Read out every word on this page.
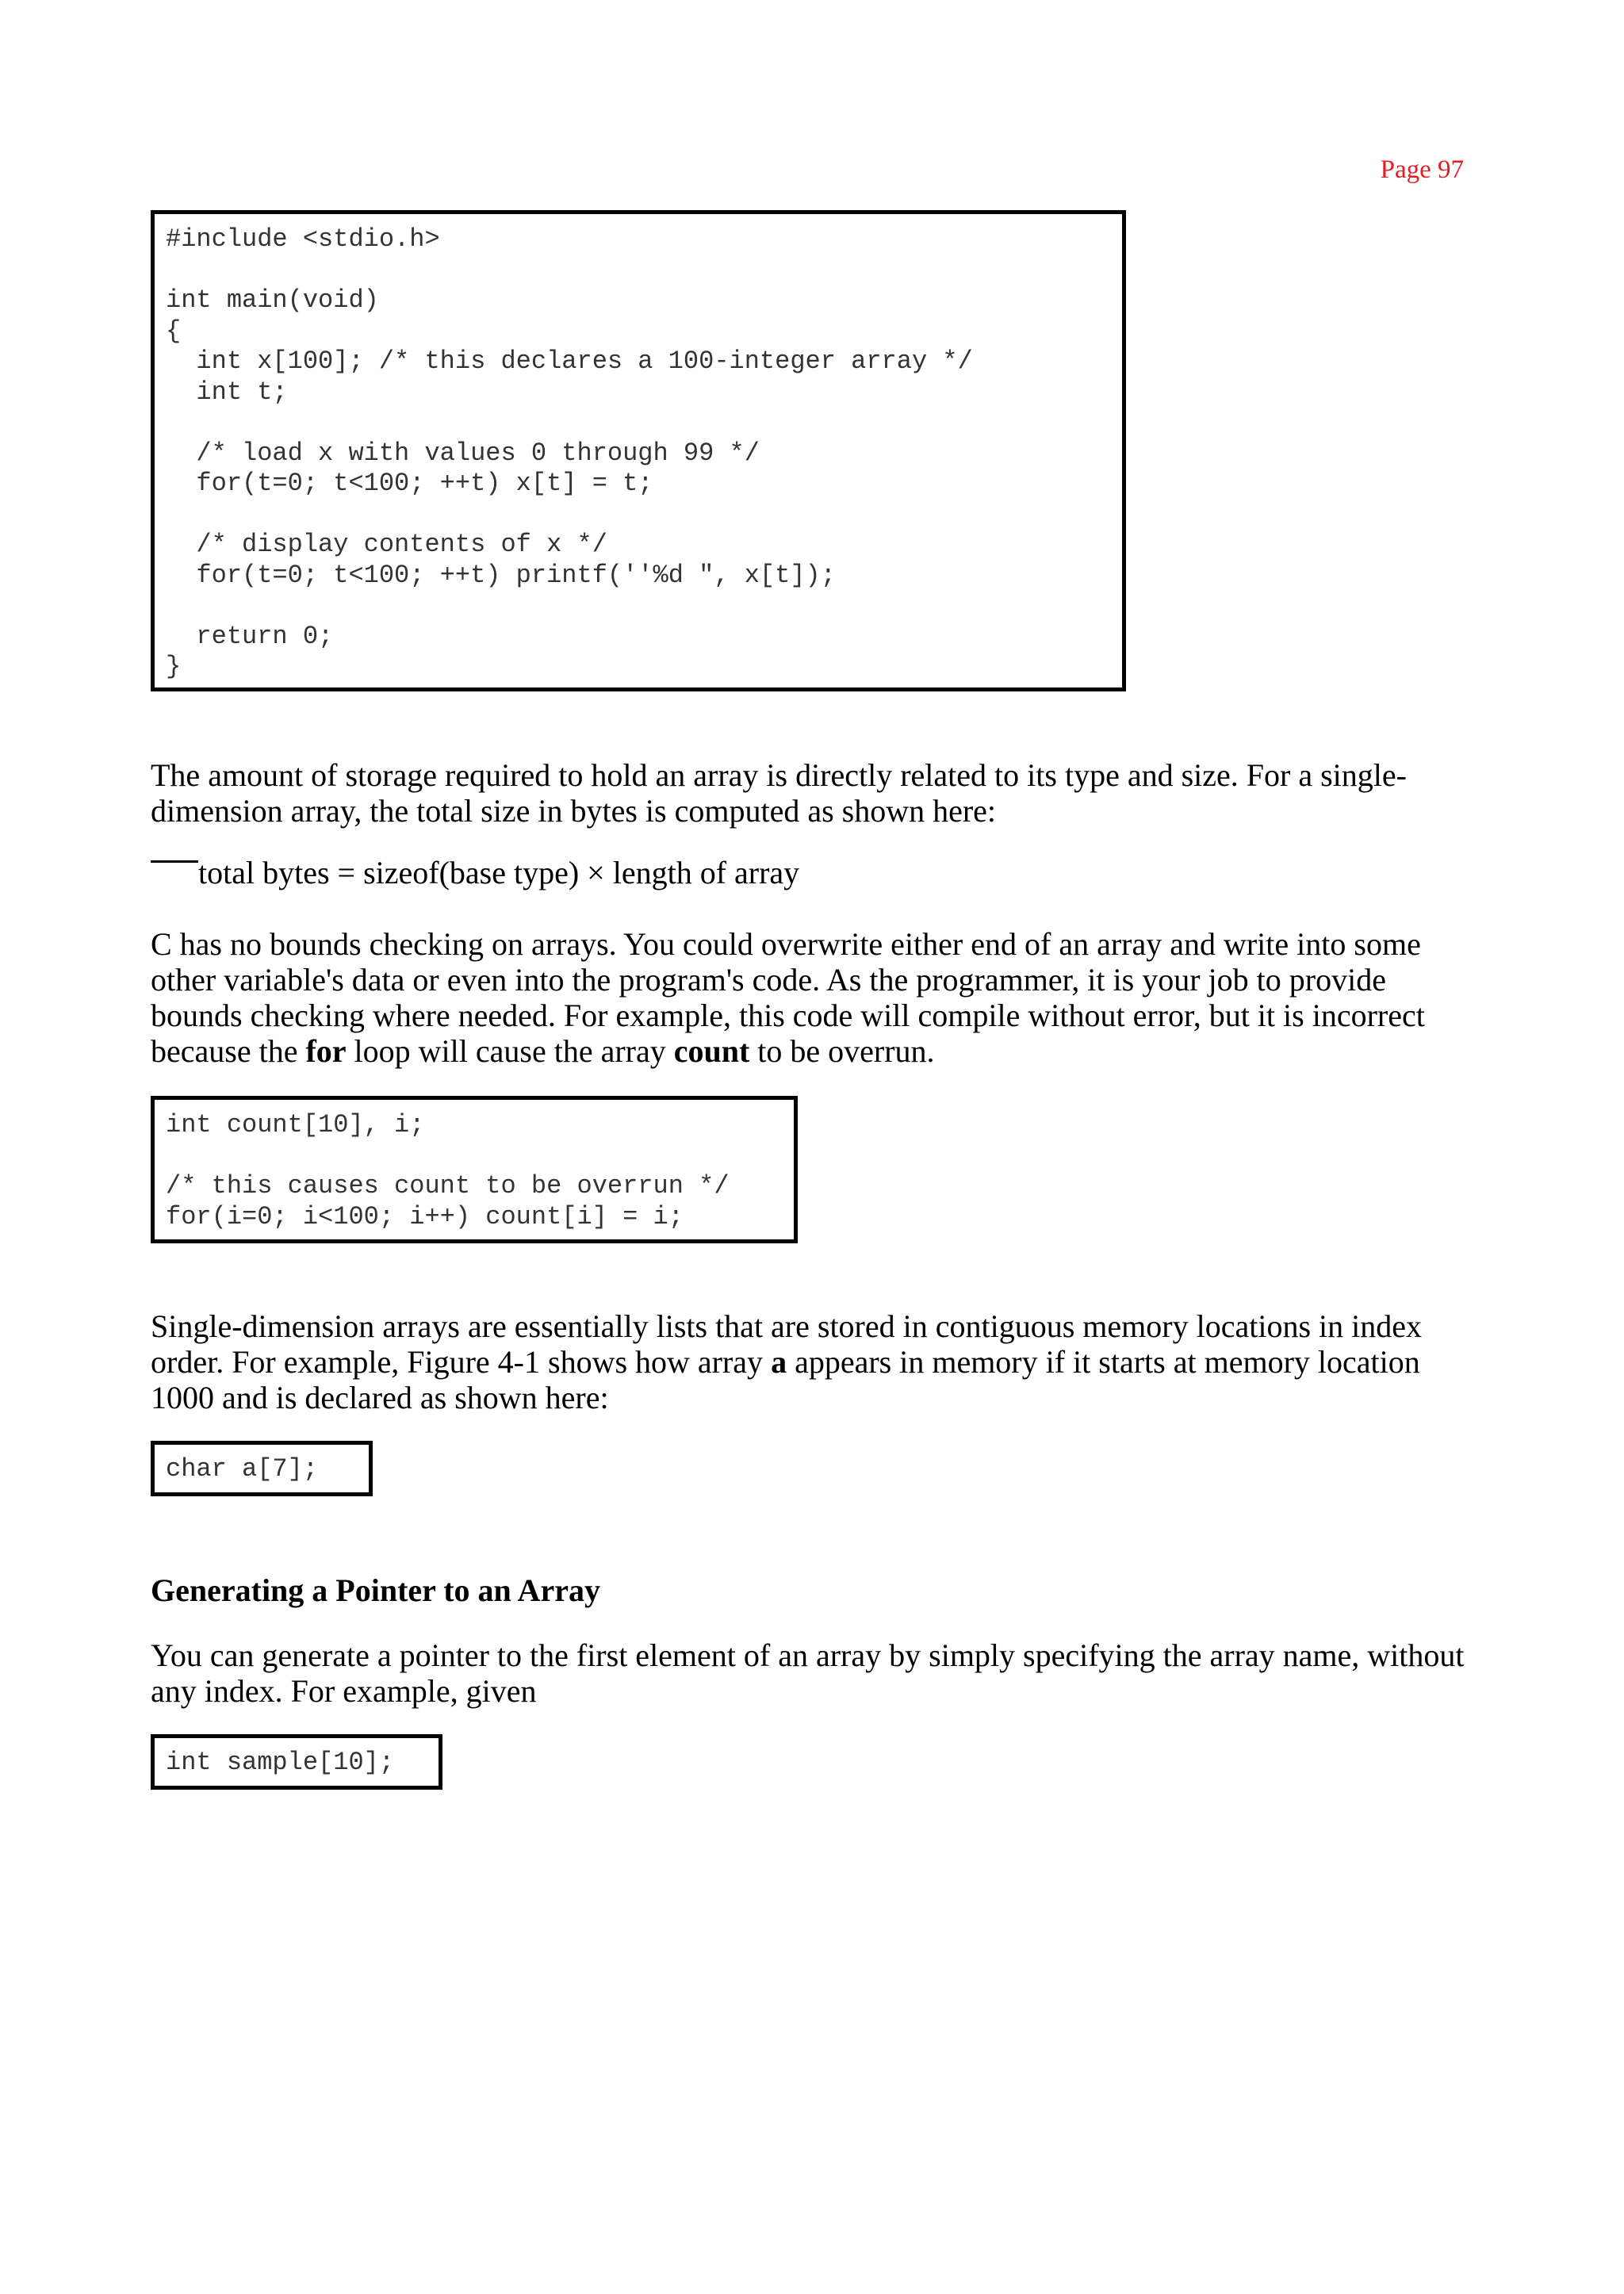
Page 97
#include <stdio.h>
int main(void)
{
int x[100]; /* this declares a 100-integer array */
int t;
/* load x with values 0 through 99 */
for(t=0; t<100; ++t) x[t] = t;
/* display contents of x */
for(t=0; t<100; ++t) printf(''%d ", x[t]);
return 0;
}

The amount of storage required to hold an array is directly related to its type and size. For a single-dimension array, the total size in bytes is computed as shown here:

total bytes = sizeof(base type) × length of array

C has no bounds checking on arrays. You could overwrite either end of an array and write into some other variable's data or even into the program's code. As the programmer, it is your job to provide bounds checking where needed. For example, this code will compile without error, but it is incorrect because the for loop will cause the array count to be overrun.

int count[10], i;
/* this causes count to be overrun */
for(i=0; i<100; i++) count[i] = i;

Single-dimension arrays are essentially lists that are stored in contiguous memory locations in index order. For example, Figure 4-1 shows how array a appears in memory if it starts at memory location 1000 and is declared as shown here:

char a[7];
Generating a Pointer to an Array

You can generate a pointer to the first element of an array by simply specifying the array name, without any index. For example, given

int sample[10];
